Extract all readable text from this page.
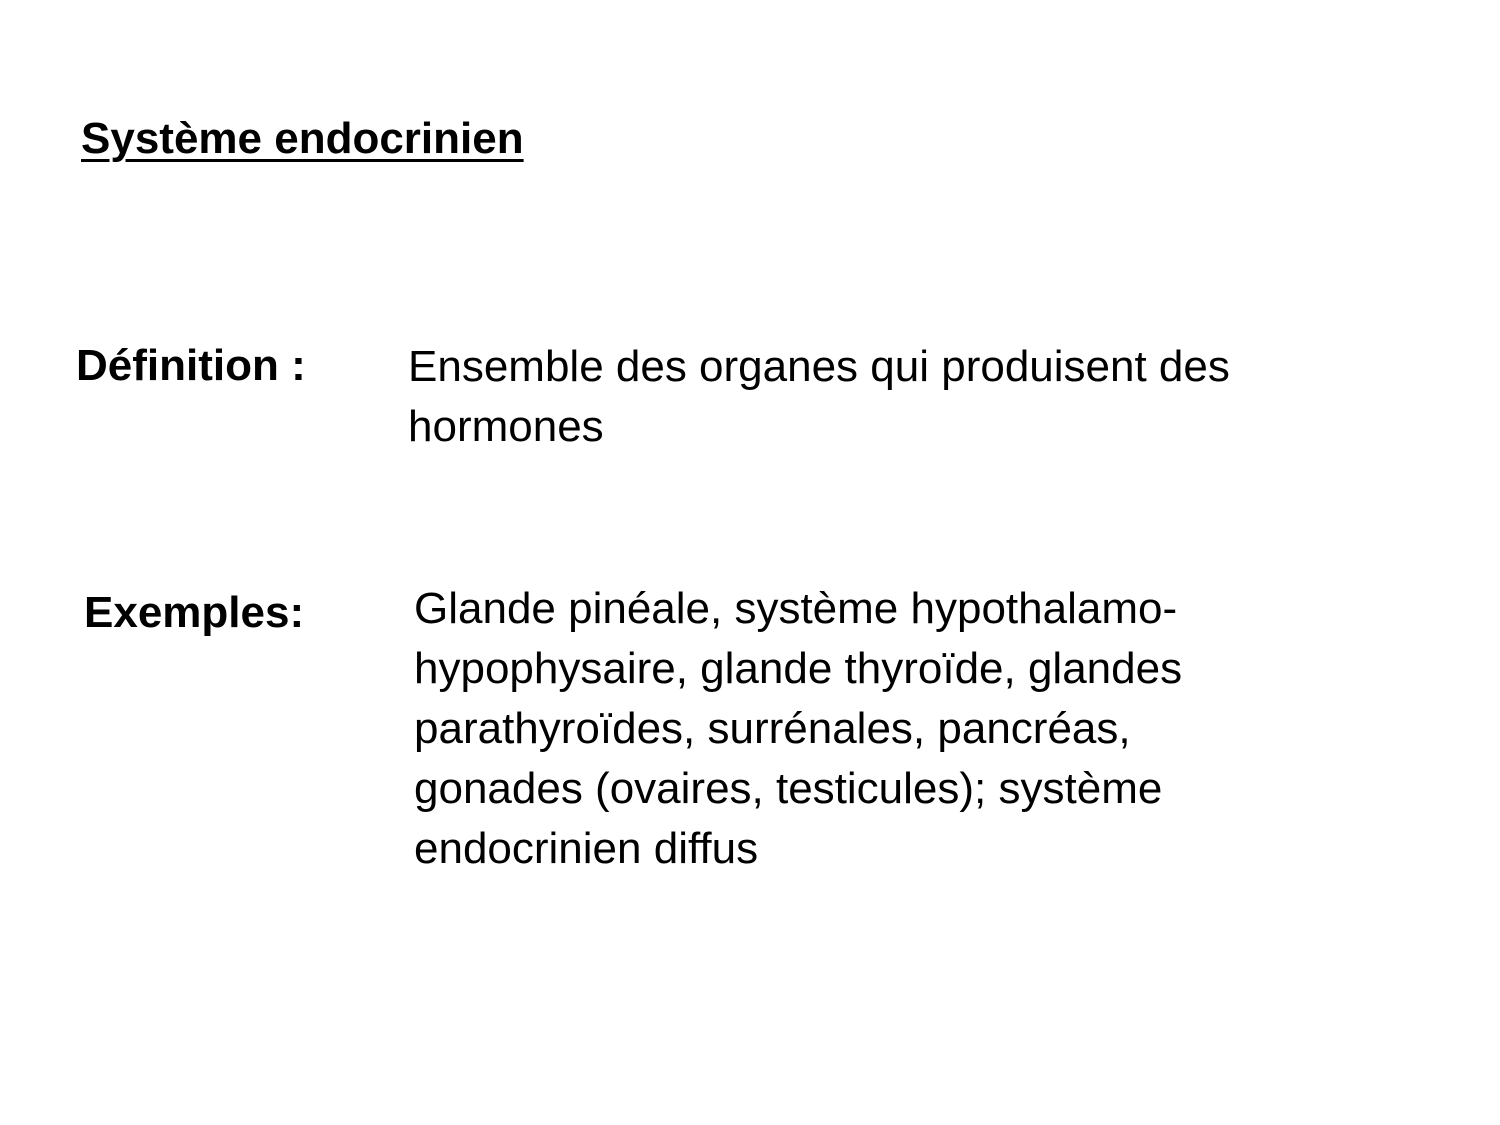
Système endocrinien
Définition : Ensemble des organes qui produisent des
hormones
Exemples: Glande pinéale, système hypothalamo-
hypophysaire, glande thyroïde, glandes
parathyroïdes, surrénales, pancréas,
gonades (ovaires, testicules); système
endocrinien diffus
